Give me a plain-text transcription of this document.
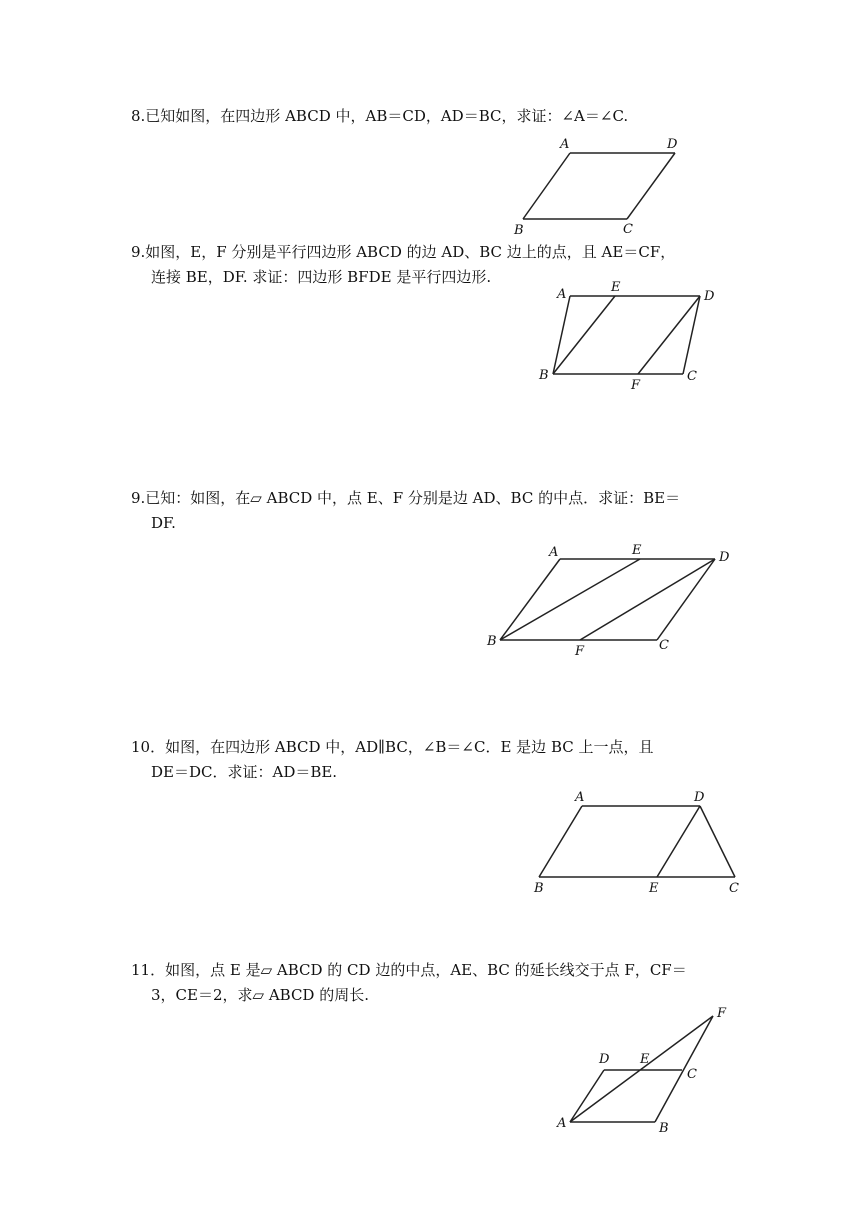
8.已知如图，在四边形 ABCD 中，AB＝CD，AD＝BC，求证：∠A＝∠C.

A	D
B	C

9.如图，E，F 分别是平行四边形 ABCD 的边 AD、BC 边上的点，且 AE＝CF，

连接 BE，DF. 求证：四边形 BFDE 是平行四边形.

A	E
D
B
F
C

9.已知：如图，在▱ ABCD 中，点 E、F 分别是边 AD、BC 的中点．求证：BE＝

DF.

A	E	D
B
F	C

10．如图，在四边形 ABCD 中，AD∥BC，∠B＝∠C．E 是边 BC 上一点，且

DE＝DC．求证：AD＝BE.

A	D
B	E	C

11．如图，点 E 是▱ ABCD 的 CD 边的中点，AE、BC 的延长线交于点 F，CF＝

3，CE＝2，求▱ ABCD 的周长.

D E
C
F
A	B
